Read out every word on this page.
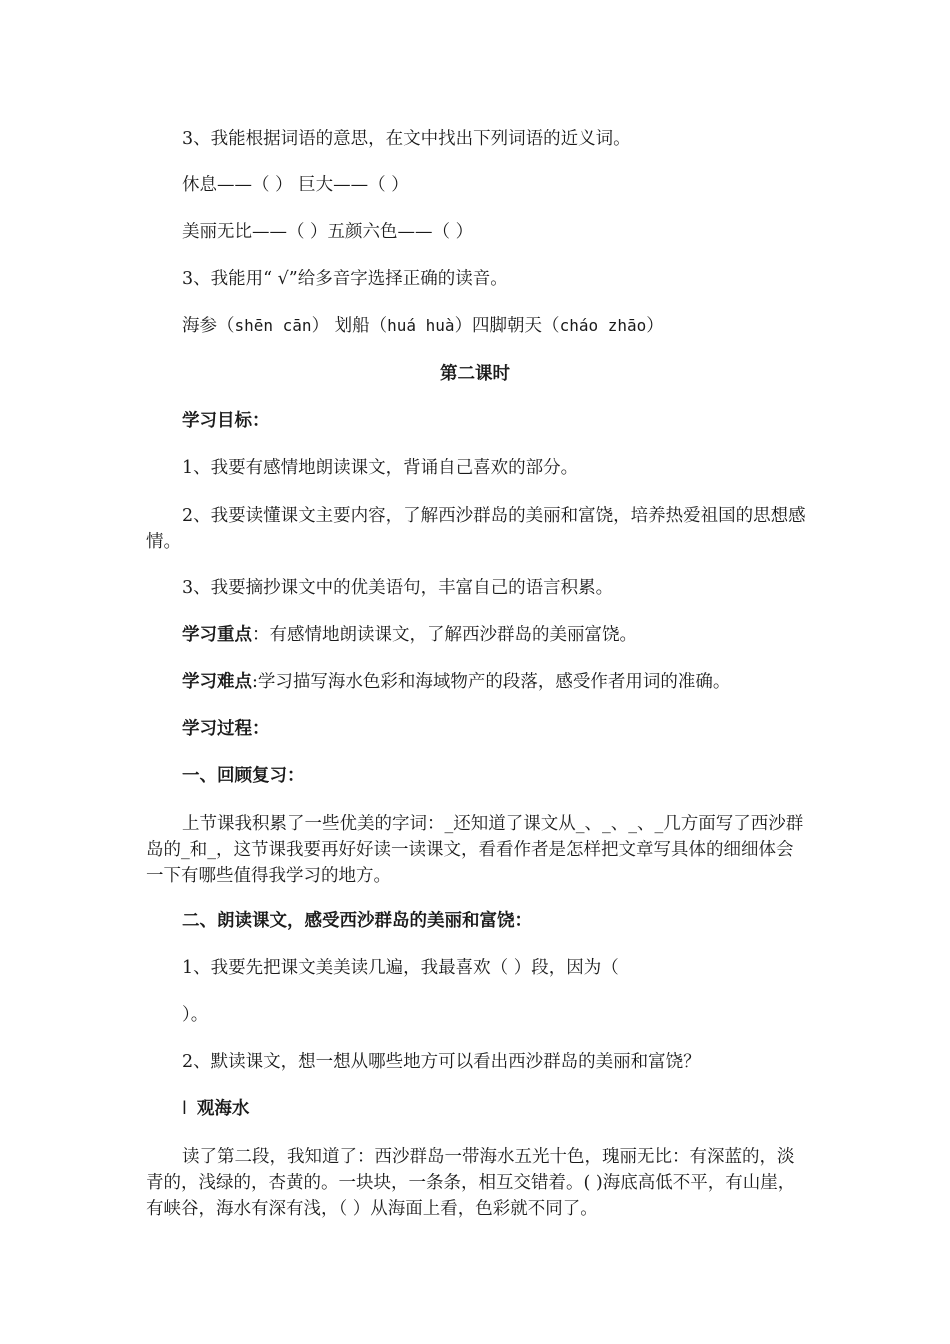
3、我能根据词语的意思，在文中找出下列词语的近义词。
休息——（ ） 巨大——（ ）
美丽无比——（ ）五颜六色——（ ）
3、我能用“ √”给多音字选择正确的读音。
海参（shēn cān） 划船（huá huà）四脚朝天（cháo zhāo）
第二课时
学习目标：
1、我要有感情地朗读课文，背诵自己喜欢的部分。
2、我要读懂课文主要内容，了解西沙群岛的美丽和富饶，培养热爱祖国的思想感情。
3、我要摘抄课文中的优美语句，丰富自己的语言积累。
学习重点：有感情地朗读课文，了解西沙群岛的美丽富饶。
学习难点:学习描写海水色彩和海域物产的段落，感受作者用词的准确。
学习过程：
一、回顾复习：
上节课我积累了一些优美的字词：_还知道了课文从_、_、_、_几方面写了西沙群岛的_和_，这节课我要再好好读一读课文，看看作者是怎样把文章写具体的细细体会一下有哪些值得我学习的地方。
二、朗读课文，感受西沙群岛的美丽和富饶：
1、我要先把课文美美读几遍，我最喜欢（ ）段，因为（
）。
2、默读课文，想一想从哪些地方可以看出西沙群岛的美丽和富饶？
l 观海水
读了第二段，我知道了：西沙群岛一带海水五光十色，瑰丽无比：有深蓝的，淡青的，浅绿的，杏黄的。一块块，一条条，相互交错着。( )海底高低不平，有山崖，有峡谷，海水有深有浅，（ ）从海面上看，色彩就不同了。
